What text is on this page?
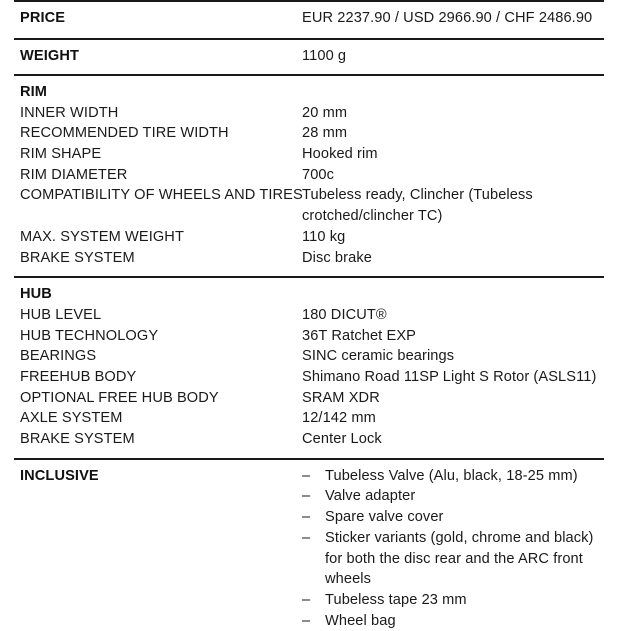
PRICE	EUR 2237.90 / USD 2966.90 / CHF 2486.90
WEIGHT	1100 g
RIM
INNER WIDTH	20 mm
RECOMMENDED TIRE WIDTH	28 mm
RIM SHAPE	Hooked rim
RIM DIAMETER	700c
COMPATIBILITY OF WHEELS AND TIRES Tubeless ready, Clincher (Tubeless crotched/clincher TC)
MAX. SYSTEM WEIGHT	110 kg
BRAKE SYSTEM	Disc brake
HUB
HUB LEVEL	180 DICUT®
HUB TECHNOLOGY	36T Ratchet EXP
BEARINGS	SINC ceramic bearings
FREEHUB BODY	Shimano Road 11SP Light S Rotor (ASLS11)
OPTIONAL FREE HUB BODY	SRAM XDR
AXLE SYSTEM	12/142 mm
BRAKE SYSTEM	Center Lock
INCLUSIVE	– Tubeless Valve (Alu, black, 18-25 mm)
– Valve adapter
– Spare valve cover
– Sticker variants (gold, chrome and black) for both the disc rear and the ARC front wheels
– Tubeless tape 23 mm
– Wheel bag
